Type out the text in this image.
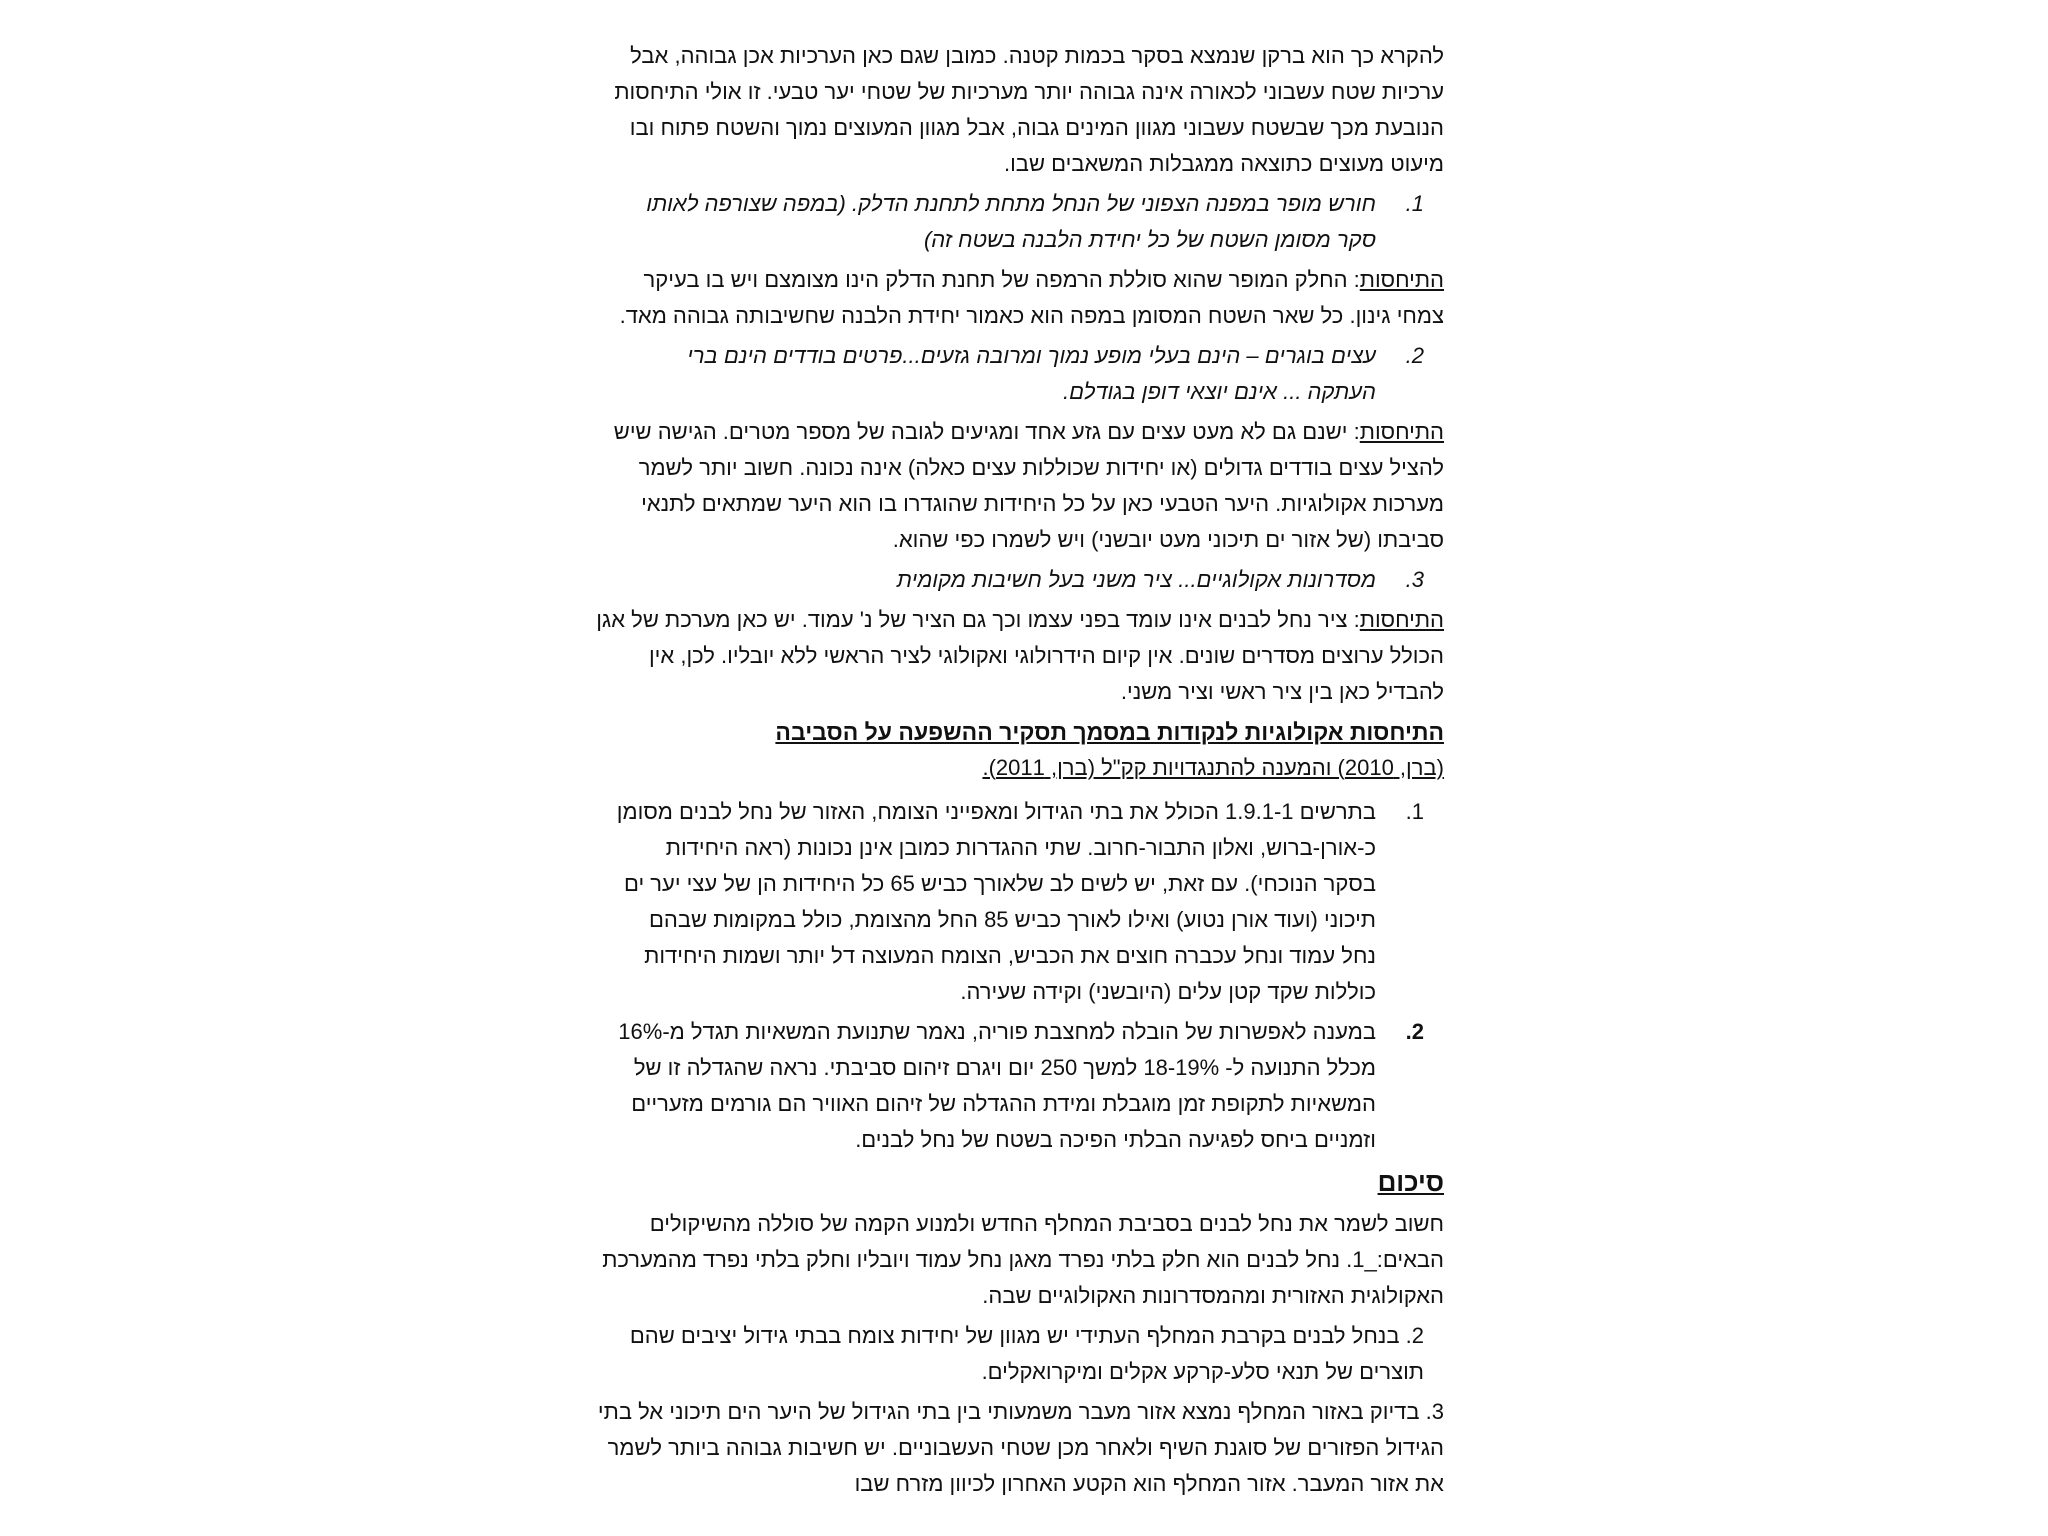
להקרא כך הוא ברקן שנמצא בסקר בכמות קטנה. כמובן שגם כאן הערכיות אכן גבוהה, אבל ערכיות שטח עשבוני לכאורה אינה גבוהה יותר מערכיות של שטחי יער טבעי. זו אולי התיחסות הנובעת מכך שבשטח עשבוני מגוון המינים גבוה, אבל מגוון המעוצים נמוך והשטח פתוח ובו מיעוט מעוצים כתוצאה ממגבלות המשאבים שבו.

1.
חורש מופר במפנה הצפוני של הנחל מתחת לתחנת הדלק. (במפה שצורפה לאותו סקר מסומן השטח של כל יחידת הלבנה בשטח זה)

התיחסות: החלק המופר שהוא סוללת הרמפה של תחנת הדלק הינו מצומצם ויש בו בעיקר צמחי גינון. כל שאר השטח המסומן במפה הוא כאמור יחידת הלבנה שחשיבותה גבוהה מאד.

2.
עצים בוגרים – הינם בעלי מופע נמוך ומרובה גזעים...פרטים בודדים הינם ברי העתקה ... אינם יוצאי דופן בגודלם.

התיחסות: ישנם גם לא מעט עצים עם גזע אחד ומגיעים לגובה של מספר מטרים. הגישה שיש להציל עצים בודדים גדולים (או יחידות שכוללות עצים כאלה) אינה נכונה. חשוב יותר לשמר מערכות אקולוגיות. היער הטבעי כאן על כל היחידות שהוגדרו בו הוא היער שמתאים לתנאי סביבתו (של אזור ים תיכוני מעט יובשני) ויש לשמרו כפי שהוא.

3.
מסדרונות אקולוגיים... ציר משני בעל חשיבות מקומית

התיחסות: ציר נחל לבנים אינו עומד בפני עצמו וכך גם הציר של נ' עמוד. יש כאן מערכת של אגן הכולל ערוצים מסדרים שונים. אין קיום הידרולוגי ואקולוגי לציר הראשי ללא יובליו. לכן, אין להבדיל כאן בין ציר ראשי וציר משני.

התיחסות אקולוגיות לנקודות במסמך תסקיר ההשפעה על הסביבה

(ברן, 2010) והמענה להתנגדויות קק"ל (ברן, 2011).

1.
בתרשים 1.9.1-1 הכולל את בתי הגידול ומאפייני הצומח, האזור של נחל לבנים מסומן כ-אורן-ברוש, ואלון התבור-חרוב. שתי ההגדרות כמובן אינן נכונות (ראה היחידות בסקר הנוכחי). עם זאת, יש לשים לב שלאורך כביש 65 כל היחידות הן של עצי יער ים תיכוני (ועוד אורן נטוע) ואילו לאורך כביש 85 החל מהצומת, כולל במקומות שבהם נחל עמוד ונחל עכברה חוצים את הכביש, הצומח המעוצה דל יותר ושמות היחידות כוללות שקד קטן עלים (היובשני) וקידה שעירה.
2.
במענה לאפשרות של הובלה למחצבת פוריה, נאמר שתנועת המשאיות תגדל מ-16% מכלל התנועה ל- 18-19% למשך 250 יום ויגרם זיהום סביבתי. נראה שהגדלה זו של המשאיות לתקופת זמן מוגבלת ומידת ההגדלה של זיהום האוויר הם גורמים מזעריים וזמניים ביחס לפגיעה הבלתי הפיכה בשטח של נחל לבנים.

סיכום

חשוב לשמר את נחל לבנים בסביבת המחלף החדש ולמנוע הקמה של סוללה מהשיקולים הבאים:_1. נחל לבנים הוא חלק בלתי נפרד מאגן נחל עמוד ויובליו וחלק בלתי נפרד מהמערכת האקולוגית האזורית ומהמסדרונות האקולוגיים שבה.

2. בנחל לבנים בקרבת המחלף העתידי יש מגוון של יחידות צומח בבתי גידול יציבים שהם תוצרים של תנאי סלע-קרקע אקלים ומיקרואקלים.

3. בדיוק באזור המחלף נמצא אזור מעבר משמעותי בין בתי הגידול של היער הים תיכוני אל בתי הגידול הפזורים של סוגנת השיף ולאחר מכן שטחי העשבוניים. יש חשיבות גבוהה ביותר לשמר את אזור המעבר. אזור המחלף הוא הקטע האחרון לכיוון מזרח שבו
